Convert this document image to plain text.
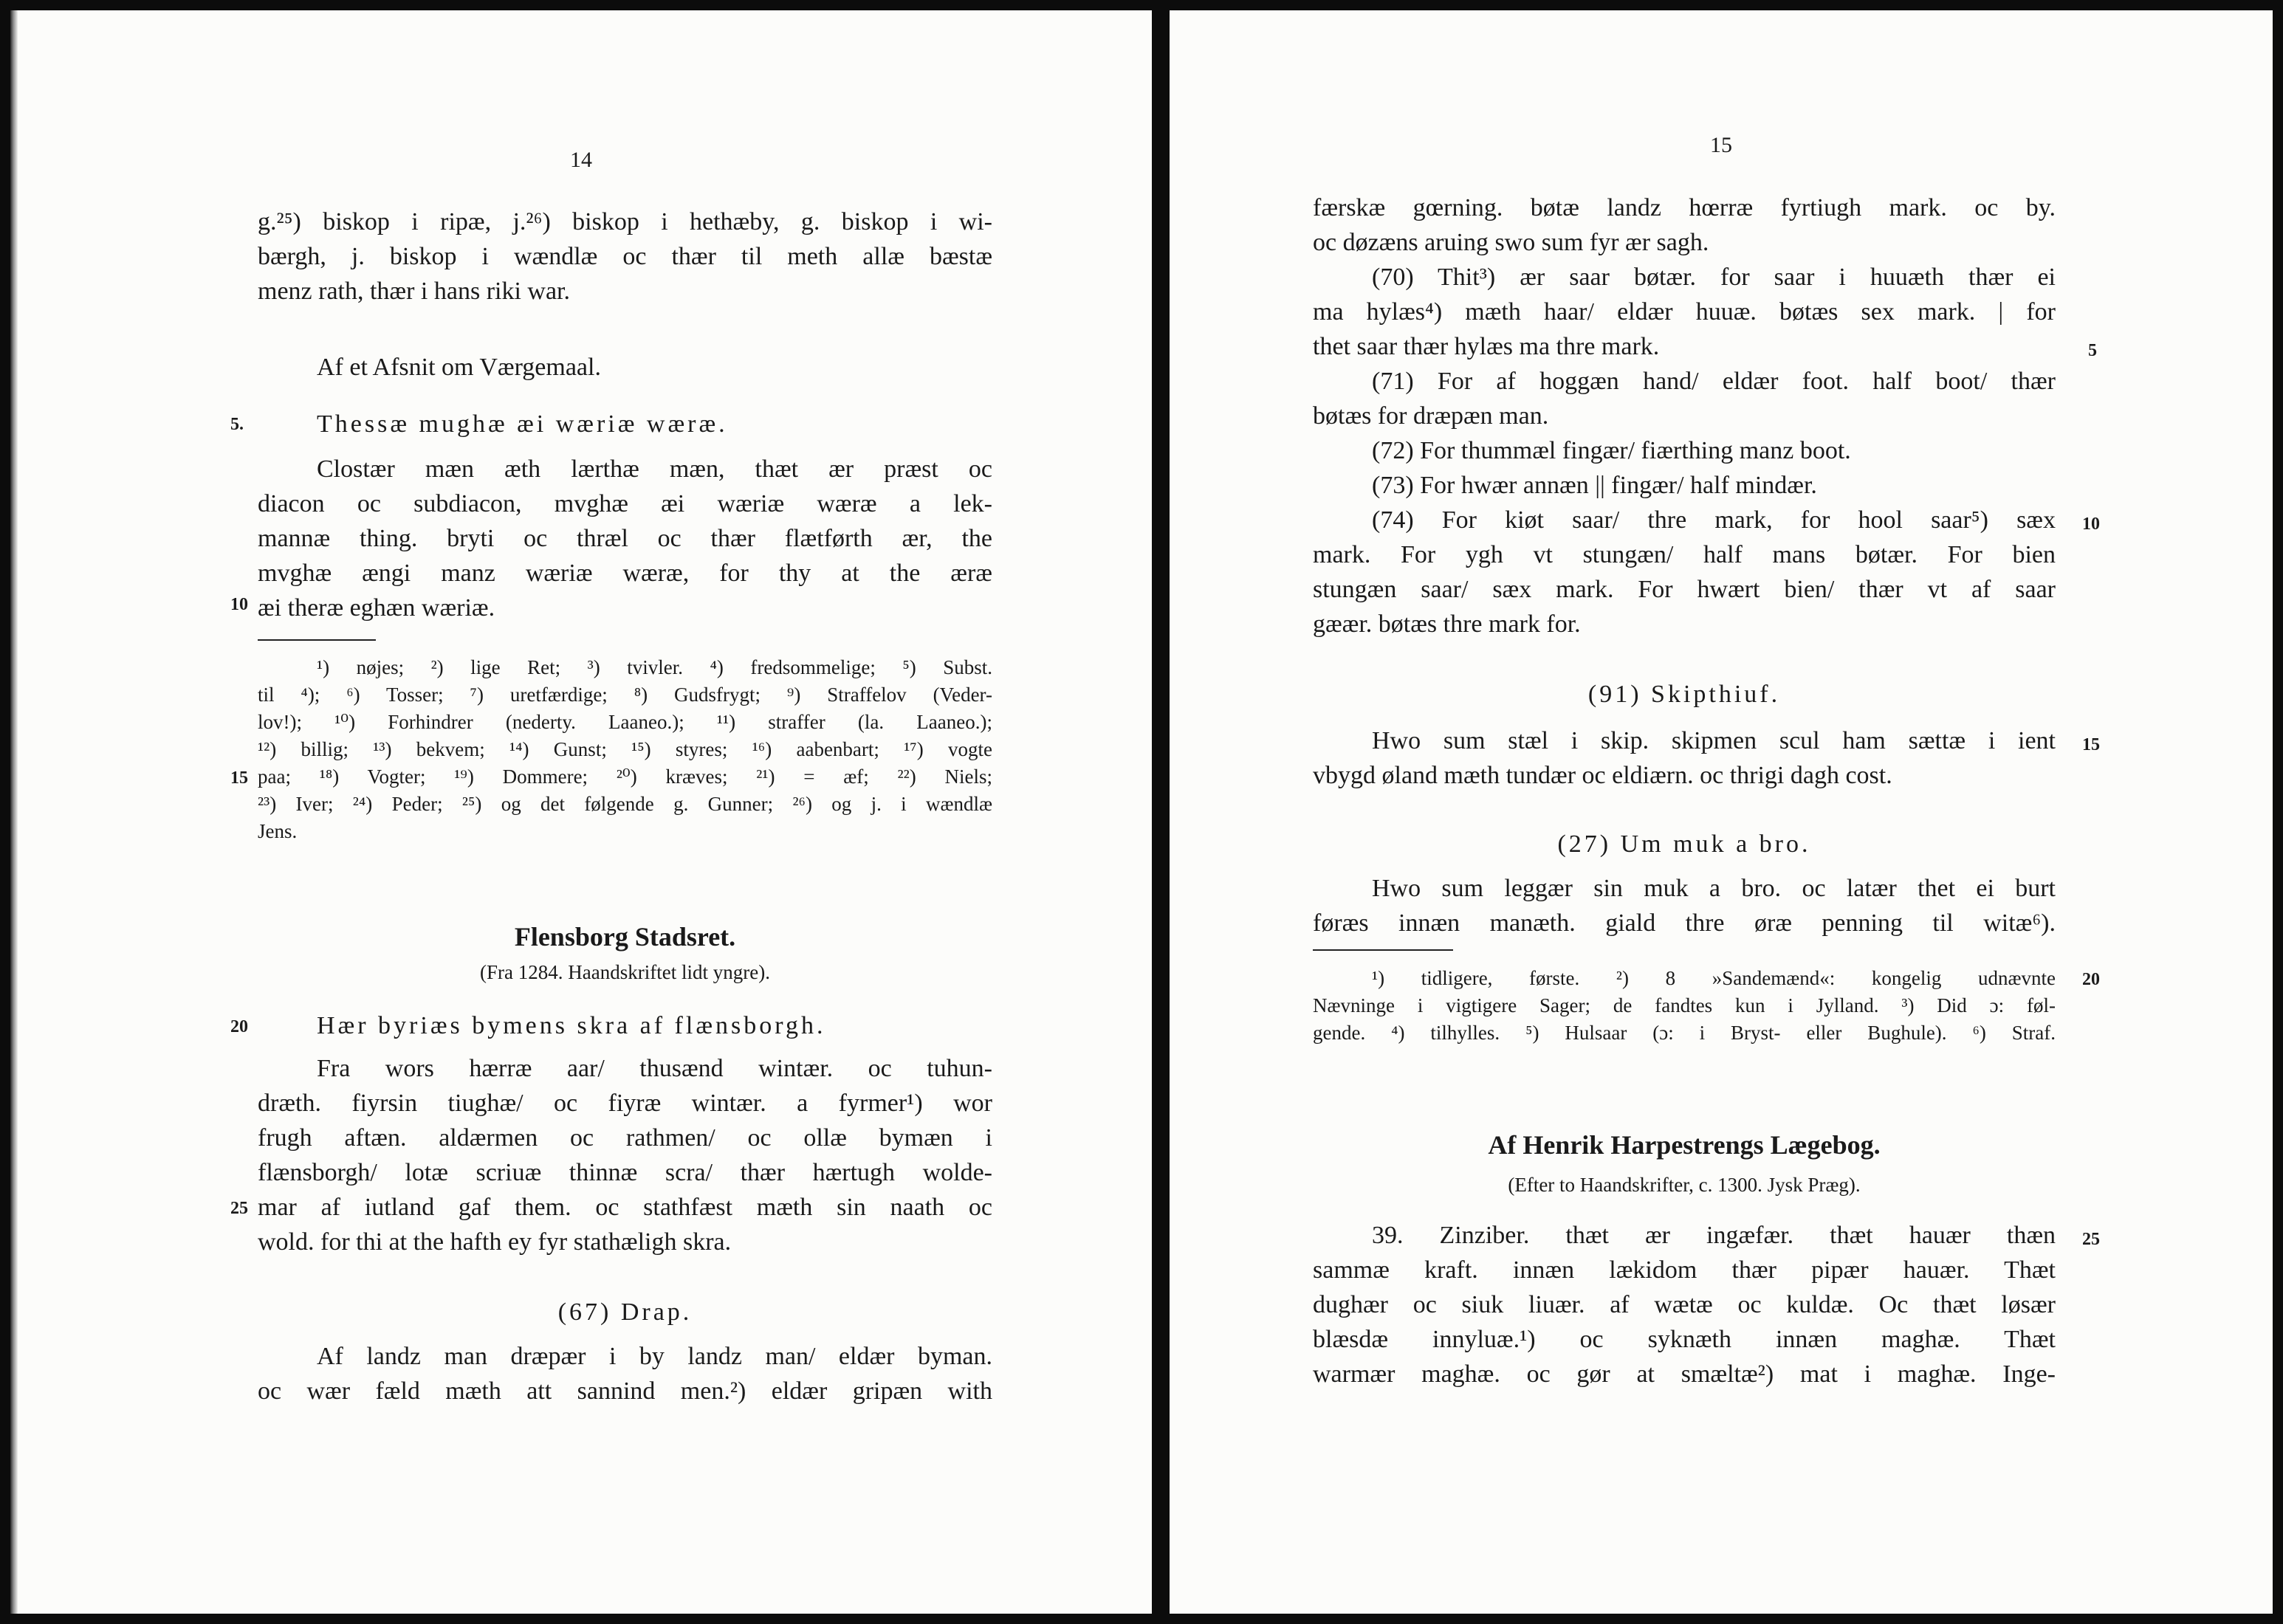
14
g.²⁵) biskop i ripæ, j.²⁶) biskop i hethæby, g. biskop i wi-
bærgh, j. biskop i wændlæ oc thær til meth allæ bæstæ
menz rath, thær i hans riki war.
Af et Afsnit om Værgemaal.
Thessæ mughæ æi wæriæ wæræ.
Clostær mæn æth lærthæ mæn, thæt ær præst oc
diacon oc subdiacon, mvghæ æi wæriæ wæræ a lek-
mannæ thing. bryti oc thræl oc thær flætførth ær, the
mvghæ ængi manz wæriæ wæræ, for thy at the æræ
æi theræ eghæn wæriæ.
¹) nøjes; ²) lige Ret; ³) tvivler. ⁴) fredsommelige; ⁵) Subst.
til ⁴); ⁶) Tosser; ⁷) uretfærdige; ⁸) Gudsfrygt; ⁹) Straffelov (Veder-
lov!); ¹⁰) Forhindrer (nederty. Laaneo.); ¹¹) straffer (la. Laaneo.);
¹²) billig; ¹³) bekvem; ¹⁴) Gunst; ¹⁵) styres; ¹⁶) aabenbart; ¹⁷) vogte
paa; ¹⁸) Vogter; ¹⁹) Dommere; ²⁰) kræves; ²¹) = æf; ²²) Niels;
²³) Iver; ²⁴) Peder; ²⁵) og det følgende g. Gunner; ²⁶) og j. i wændlæ
Jens.
Flensborg Stadsret.
(Fra 1284. Haandskriftet lidt yngre).
Hær byriæs bymens skra af flænsborgh.
Fra wors hærræ aar/ thusænd wintær. oc tuhun-
dræth. fiyrsin tiughæ/ oc fiyræ wintær. a fyrmer¹) wor
frugh aftæn. aldærmen oc rathmen/ oc ollæ bymæn i
flænsborgh/ lotæ scriuæ thinnæ scra/ thær hærtugh wolde-
mar af iutland gaf them. oc stathfæst mæth sin naath oc
wold. for thi at the hafth ey fyr stathæligh skra.
(67) Drap.
Af landz man dræpær i by landz man/ eldær byman.
oc wær fæld mæth att sannind men.²) eldær gripæn with
5.
10
15
20
25
15
færskæ gœrning. bøtæ landz hœrræ fyrtiugh mark. oc by.
oc døzæns aruing swo sum fyr ær sagh.
(70) Thit³) ær saar bøtær. for saar i huuæth thær ei
ma hylæs⁴) mæth haar/ eldær huuæ. bøtæs sex mark. | for
thet saar thær hylæs ma thre mark.
(71) For af hoggæn hand/ eldær foot. half boot/ thær
bøtæs for dræpæn man.
(72) For thummæl fingær/ fiærthing manz boot.
(73) For hwær annæn || fingær/ half mindær.
(74) For kiøt saar/ thre mark, for hool saar⁵) sæx
mark. For ygh vt stungæn/ half mans bøtær. For bien
stungæn saar/ sæx mark. For hwært bien/ thær vt af saar
gæær. bøtæs thre mark for.
(91) Skipthiuf.
Hwo sum stæl i skip. skipmen scul ham sættæ i ient
vbygd øland mæth tundær oc eldiærn. oc thrigi dagh cost.
(27) Um muk a bro.
Hwo sum leggær sin muk a bro. oc latær thet ei burt
føræs innæn manæth. giald thre øræ penning til witæ⁶).
¹) tidligere, første. ²) 8 »Sandemænd«: kongelig udnævnte
Nævninge i vigtigere Sager; de fandtes kun i Jylland. ³) Did ɔ: føl-
gende. ⁴) tilhylles. ⁵) Hulsaar (ɔ: i Bryst- eller Bughule). ⁶) Straf.
Af Henrik Harpestrengs Lægebog.
(Efter to Haandskrifter, c. 1300. Jysk Præg).
39. Zinziber. thæt ær ingæfær. thæt hauær thæn
sammæ kraft. innæn lækidom thær pipær hauær. Thæt
dughær oc siuk liuær. af wætæ oc kuldæ. Oc thæt løsær
blæsdæ innyluæ.¹) oc syknæth innæn maghæ. Thæt
warmær maghæ. oc gør at smæltæ²) mat i maghæ. Inge-
5
10
15
20
25
